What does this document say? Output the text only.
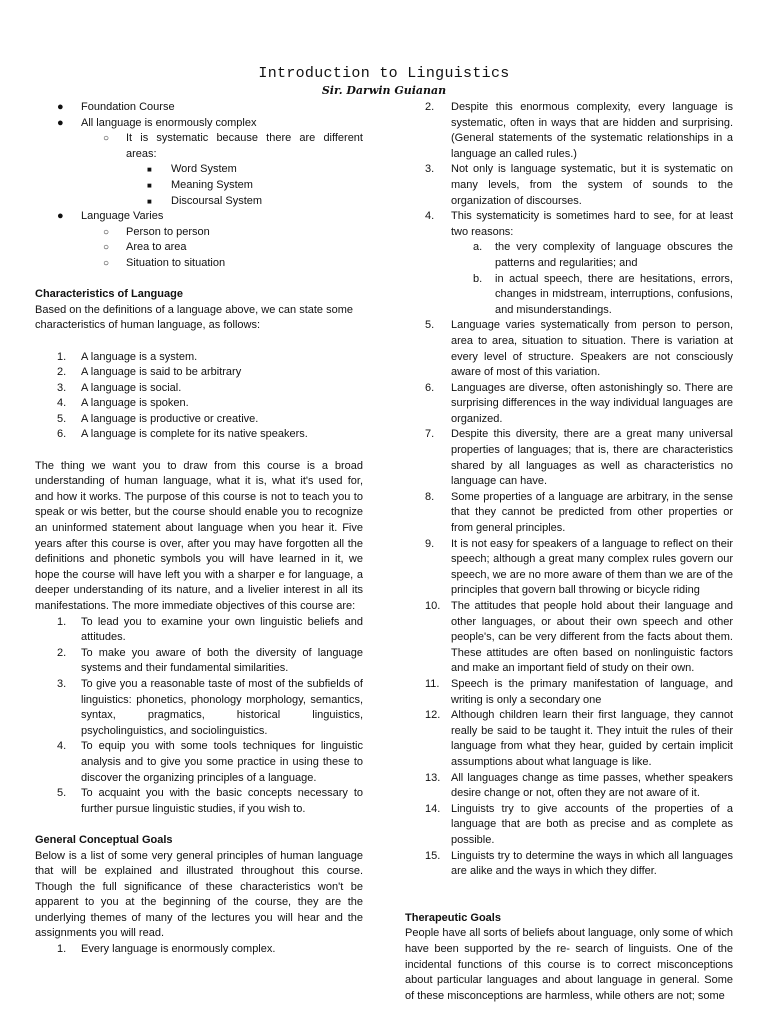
Introduction to Linguistics
Sir. Darwin Guianan
●	Foundation Course
●	All language is enormously complex
○	It is systematic because there are different areas:
■	Word System
■	Meaning System
■	Discoursal System
●	Language Varies
○	Person to person
○	Area to area
○	Situation to situation

Characteristics of Language

Based on the definitions of a language above, we can state some characteristics of human language, as follows:

1.	A language is a system.
2.	A language is said to be arbitrary
3.	A language is social.
4.	A language is spoken.
5.	A language is productive or creative.
6.	A language is complete for its native speakers.

The thing we want you to draw from this course is a broad understanding of human language, what it is, what it's used for, and how it works. The purpose of this course is not to teach you to speak or wis better, but the course should enable you to recognize an uninformed statement about language when you hear it. Five years after this course is over, after you may have forgotten all the definitions and phonetic symbols you will have learned in it, we hope the course will have left you with a sharper e for language, a deeper understanding of its nature, and a livelier interest in all its manifestations. The more immediate objectives of this course are:

1.	To lead you to examine your own linguistic beliefs and attitudes.
2.	To make you aware of both the diversity of language systems and their fundamental similarities.
3.	To give you a reasonable taste of most of the subfields of linguistics: phonetics, phonology morphology, semantics, syntax, pragmatics, historical linguistics, psycholinguistics, and sociolinguistics.
4.	To equip you with some tools techniques for linguistic analysis and to give you some practice in using these to discover the organizing principles of a language.
5.	To acquaint you with the basic concepts necessary to further pursue linguistic studies, if you wish to.

General Conceptual Goals

Below is a list of some very general principles of human language that will be explained and illustrated throughout this course. Though the full significance of these characteristics won't be apparent to you at the beginning of the course, they are the underlying themes of many of the lectures you will hear and the assignments you will read.

1.	Every language is enormously complex.
2.	Despite this enormous complexity, every language is systematic, often in ways that are hidden and surprising. (General statements of the systematic relationships in a language an called rules.)
3.	Not only is language systematic, but it is systematic on many levels, from the system of sounds to the organization of discourses.
4.	This systematicity is sometimes hard to see, for at least two reasons:
a.	the very complexity of language obscures the patterns and regularities; and
b.	in actual speech, there are hesitations, errors, changes in midstream, interruptions, confusions, and misunderstandings.
5.	Language varies systematically from person to person, area to area, situation to situation. There is variation at every level of structure. Speakers are not consciously aware of most of this variation.
6.	Languages are diverse, often astonishingly so. There are surprising differences in the way individual languages are organized.
7.	Despite this diversity, there are a great many universal properties of languages; that is, there are characteristics shared by all languages as well as characteristics no language can have.
8.	Some properties of a language are arbitrary, in the sense that they cannot be predicted from other properties or from general principles.
9.	It is not easy for speakers of a language to reflect on their speech; although a great many complex rules govern our speech, we are no more aware of them than we are of the principles that govern ball throwing or bicycle riding
10. The attitudes that people hold about their language and other languages, or about their own speech and other people's, can be very different from the facts about them. These attitudes are often based on nonlinguistic factors and make an important field of study on their own.
11.	Speech is the primary manifestation of language, and writing is only a secondary one
12. Although children learn their first language, they cannot really be said to be taught it. They intuit the rules of their language from what they hear, guided by certain implicit assumptions about what language is like.
13. All languages change as time passes, whether speakers desire change or not, often they are not aware of it.
14. Linguists try to give accounts of the properties of a language that are both as precise and as complete as possible.
15. Linguists try to determine the ways in which all languages are alike and the ways in which they differ.

Therapeutic Goals

People have all sorts of beliefs about language, only some of which have been supported by the re- search of linguists. One of the incidental functions of this course is to correct misconceptions about particular languages and about language in general. Some of these misconceptions are harmless, while others are not; some
